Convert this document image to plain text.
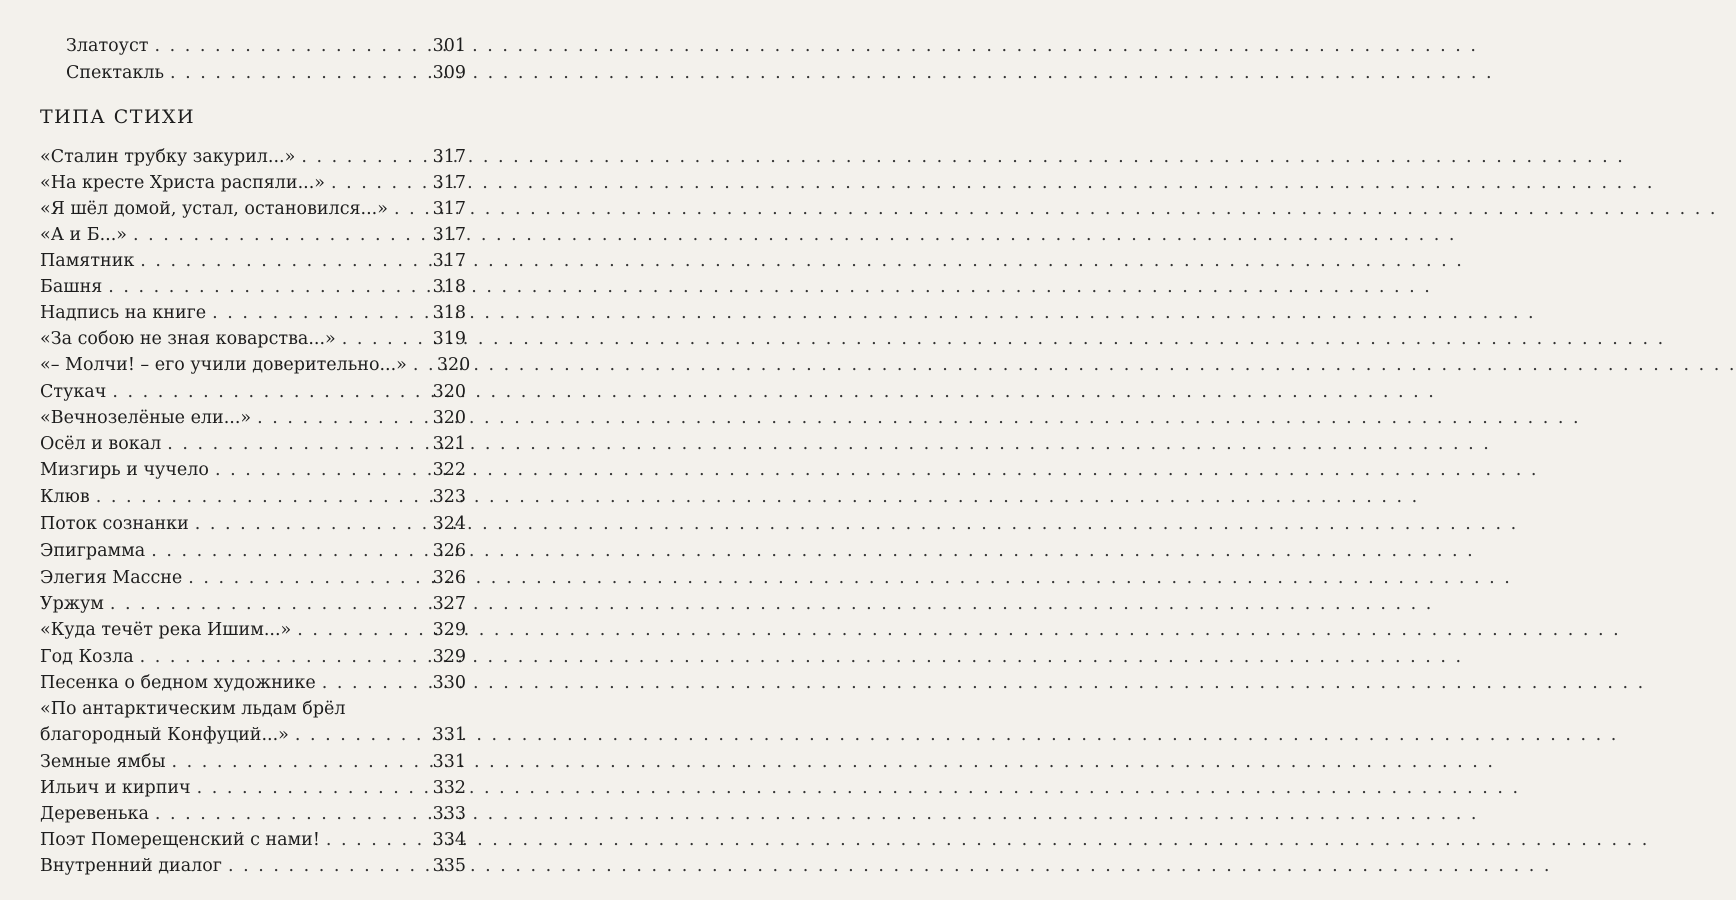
Златоуст . . .	301
Спектакль . . .	309
ТИПА СТИХИ
«Сталин трубку закурил...» . . .	317
«На кресте Христа распяли...» . . .	317
«Я шёл домой, устал, остановился...» . . .	317
«А и Б...» . . .	317
Памятник . . .	317
Башня . . .	318
Надпись на книге . . .	318
«За собою не зная коварства...» . . .	319
«– Молчи! – его учили доверительно...» . . . 320
Стукач . . .	320
«Вечнозелёные ели...» . . .	320
Осёл и вокал . . .	321
Мизгирь и чучело . . .	322
Клюв . . .	323
Поток сознанки . . .	324
Эпиграмма . . .	326
Элегия Массне . . .	326
Уржум . . .	327
«Куда течёт река Ишим...» . . .	329
Год Козла . . .	329
Песенка о бедном художнике . . .	330
«По антарктическим льдам брёл
благородный Конфуций...» . . .	331
Земные ямбы . . .	331
Ильич и кирпич . . .	332
Деревенька . . .	333
Поэт Померещенский с нами! . . .	334
Внутренний диалог . . .	335
